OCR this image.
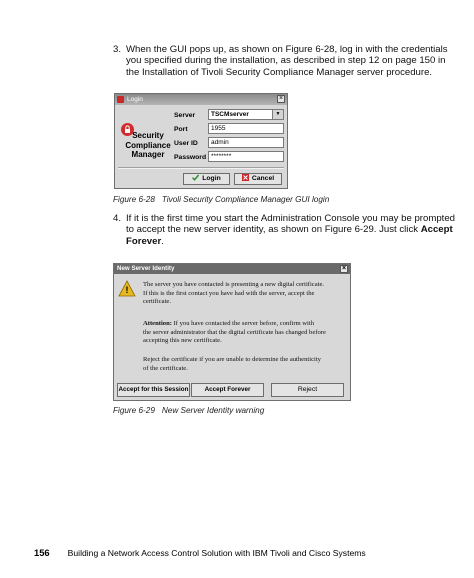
3. When the GUI pops up, as shown on Figure 6-28, log in with the credentials
you specified during the installation, as described in step 12 on page 150 in
the Installation of Tivoli Security Compliance Manager server procedure.
Login	×
Security
Compliance
Manager
Server	TSCMserver	▼
Port	1955
User ID	admin
Password ********
Login	Cancel
Figure 6-28 Tivoli Security Compliance Manager GUI login
4. If it is the first time you start the Administration Console you may be prompted
to accept the new server identity, as shown on Figure 6-29. Just click Accept
Forever.
New Server Identity	×
!
The server you have contacted is presenting a new digital certificate.
If this is the first contact you have had with the server, accept the
certificate.
Attention: If you have contacted the server before, confirm with
the server administrator that the digital certificate has changed before
accepting this new certificate.
Reject the certificate if you are unable to determine the authenticity
of the certificate.
Accept for this Session	Accept Forever	Reject
Figure 6-29 New Server Identity warning
156 Building a Network Access Control Solution with IBM Tivoli and Cisco Systems
